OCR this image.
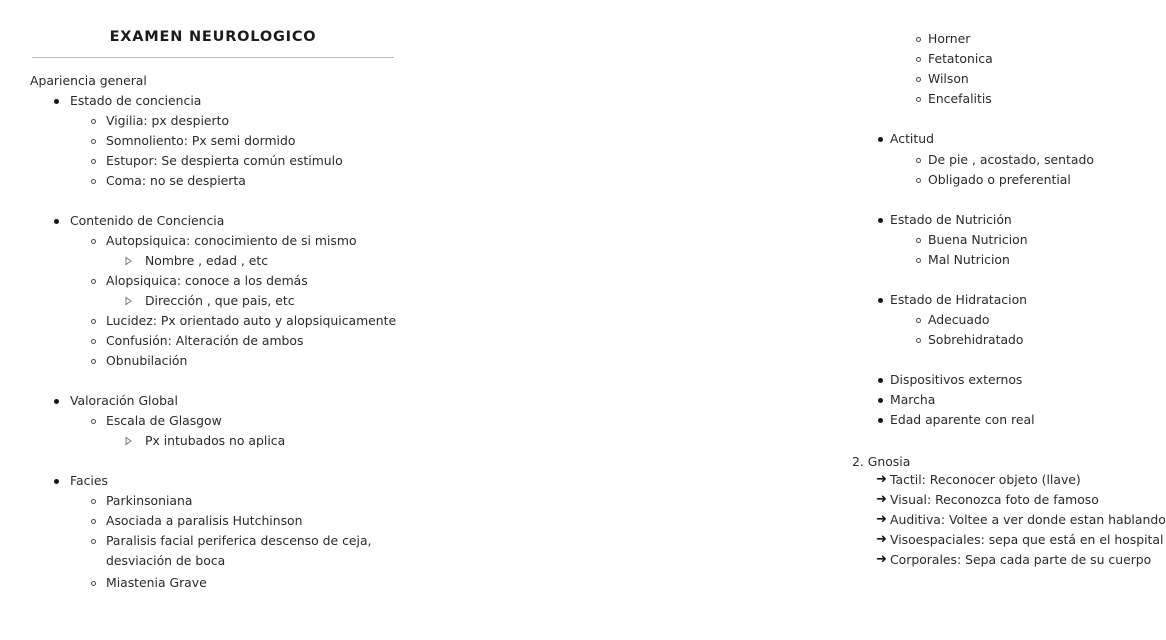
EXAMEN NEUROLOGICO
Apariencia general
Estado de conciencia
Vigilia: px despierto
Somnoliento: Px semi dormido
Estupor: Se despierta común estimulo
Coma: no se despierta
Contenido de Conciencia
Autopsiquica: conocimiento de si mismo
Nombre , edad , etc
Alopsiquica: conoce a los demás
Dirección , que pais, etc
Lucidez: Px orientado auto y alopsiquicamente
Confusión: Alteración de ambos
Obnubilación
Valoración Global
Escala de Glasgow
Px intubados no aplica
Facies
Parkinsoniana
Asociada a paralisis Hutchinson
Paralisis facial periferica descenso de ceja, desviación de boca
Miastenia Grave
Horner
Fetatonica
Wilson
Encefalitis
Actitud
De pie , acostado, sentado
Obligado o preferential
Estado de Nutrición
Buena Nutricion
Mal Nutricion
Estado de Hidratacion
Adecuado
Sobrehidratado
Dispositivos externos
Marcha
Edad aparente con real
2. Gnosia
➜ Tactil: Reconocer objeto (llave)
➜ Visual: Reconozca foto de famoso
➜ Auditiva: Voltee a ver donde estan hablando
➜ Visoespaciales: sepa que está en el hospital
➜ Corporales: Sepa cada parte de su cuerpo
